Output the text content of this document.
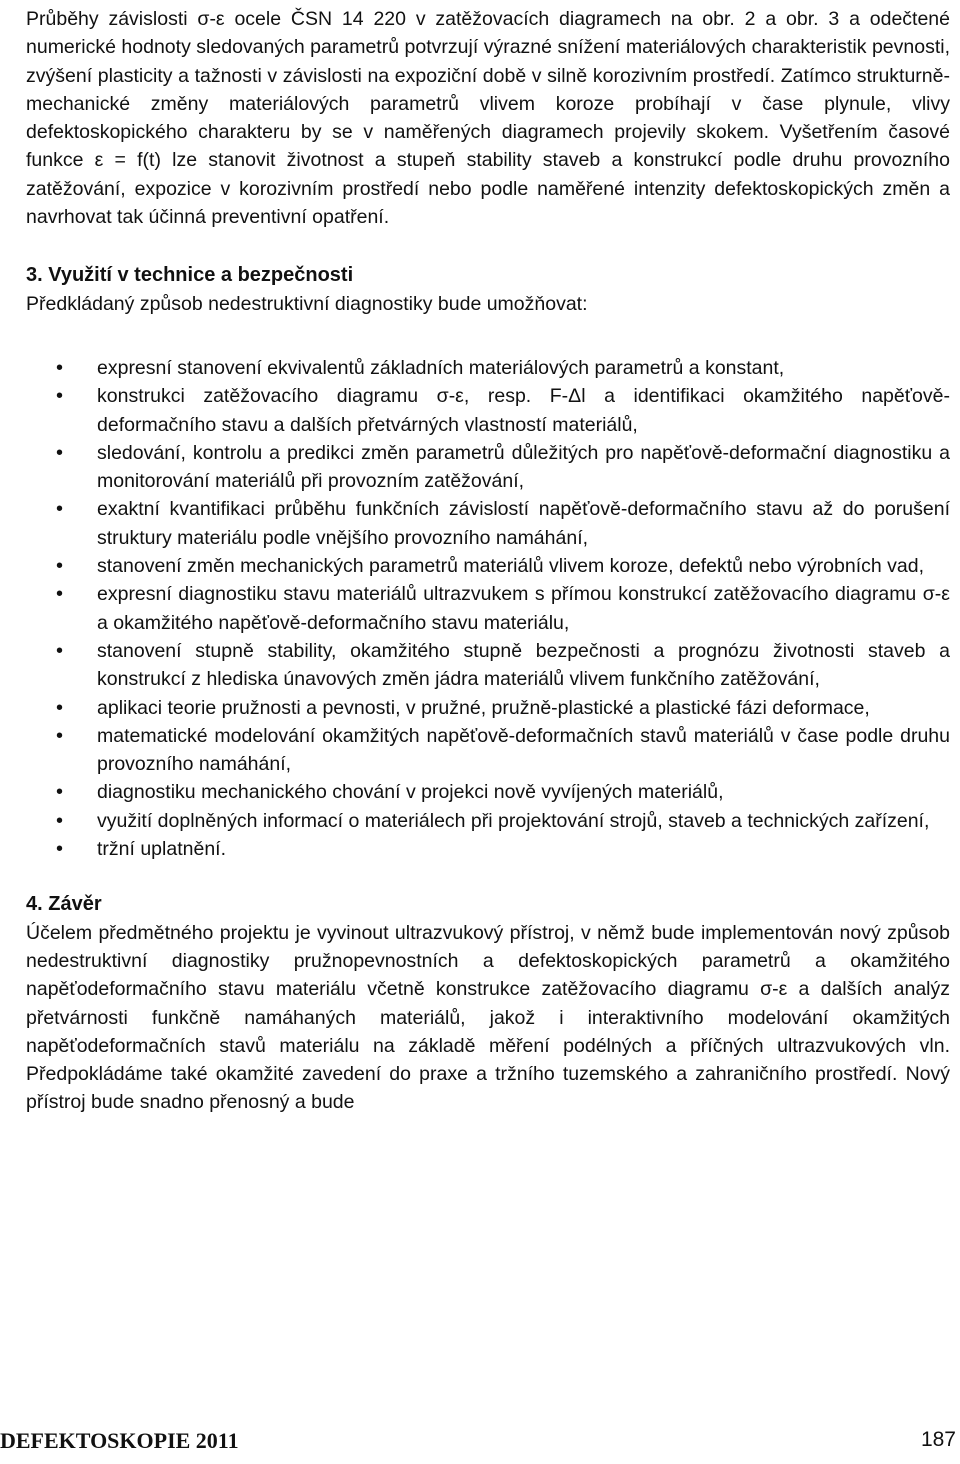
Průběhy závislosti σ-ε ocele ČSN 14 220 v zatěžovacích diagramech na obr. 2 a obr. 3 a odečtené numerické hodnoty sledovaných parametrů potvrzují výrazné snížení materiálových charakteristik pevnosti, zvýšení plasticity a tažnosti v závislosti na expoziční době v silně korozivním prostředí. Zatímco strukturně-mechanické změny materiálových parametrů vlivem koroze probíhají v čase plynule, vlivy defektoskopického charakteru by se v naměřených diagramech projevily skokem. Vyšetřením časové funkce ε = f(t) lze stanovit životnost a stupeň stability staveb a konstrukcí podle druhu provozního zatěžování, expozice v korozivním prostředí nebo podle naměřené intenzity defektoskopických změn a navrhovat tak účinná preventivní opatření.

3. Využití v technice a bezpečnosti

Předkládaný způsob nedestruktivní diagnostiky bude umožňovat:

• expresní stanovení ekvivalentů základních materiálových parametrů a konstant,
• konstrukci zatěžovacího diagramu σ-ε, resp. F-Δl a identifikaci okamžitého napěťově-deformačního stavu a dalších přetvárných vlastností materiálů,
• sledování, kontrolu a predikci změn parametrů důležitých pro napěťově-deformační diagnostiku a monitorování materiálů při provozním zatěžování,
• exaktní kvantifikaci průběhu funkčních závislostí napěťově-deformačního stavu až do porušení struktury materiálu podle vnějšího provozního namáhání,
• stanovení změn mechanických parametrů materiálů vlivem koroze, defektů nebo výrobních vad,
• expresní diagnostiku stavu materiálů ultrazvukem s přímou konstrukcí zatěžovacího diagramu σ-ε a okamžitého napěťově-deformačního stavu materiálu,
• stanovení stupně stability, okamžitého stupně bezpečnosti a prognózu životnosti staveb a konstrukcí z hlediska únavových změn jádra materiálů vlivem funkčního zatěžování,
• aplikaci teorie pružnosti a pevnosti, v pružné, pružně-plastické a plastické fázi deformace,
• matematické modelování okamžitých napěťově-deformačních stavů materiálů v čase podle druhu provozního namáhání,
• diagnostiku mechanického chování v projekci nově vyvíjených materiálů,
• využití doplněných informací o materiálech při projektování strojů, staveb a technických zařízení,
• tržní uplatnění.

4. Závěr

Účelem předmětného projektu je vyvinout ultrazvukový přístroj, v němž bude implementován nový způsob nedestruktivní diagnostiky pružnopevnostních a defektoskopických parametrů a okamžitého napěťodeformačního stavu materiálu včetně konstrukce zatěžovacího diagramu σ-ε a dalších analýz přetvárnosti funkčně namáhaných materiálů, jakož i interaktivního modelování okamžitých napěťodeformačních stavů materiálu na základě měření podélných a příčných ultrazvukových vln. Předpokládáme také okamžité zavedení do praxe a tržního tuzemského a zahraničního prostředí. Nový přístroj bude snadno přenosný a bude

DEFEKTOSKOPIE 2011	187
